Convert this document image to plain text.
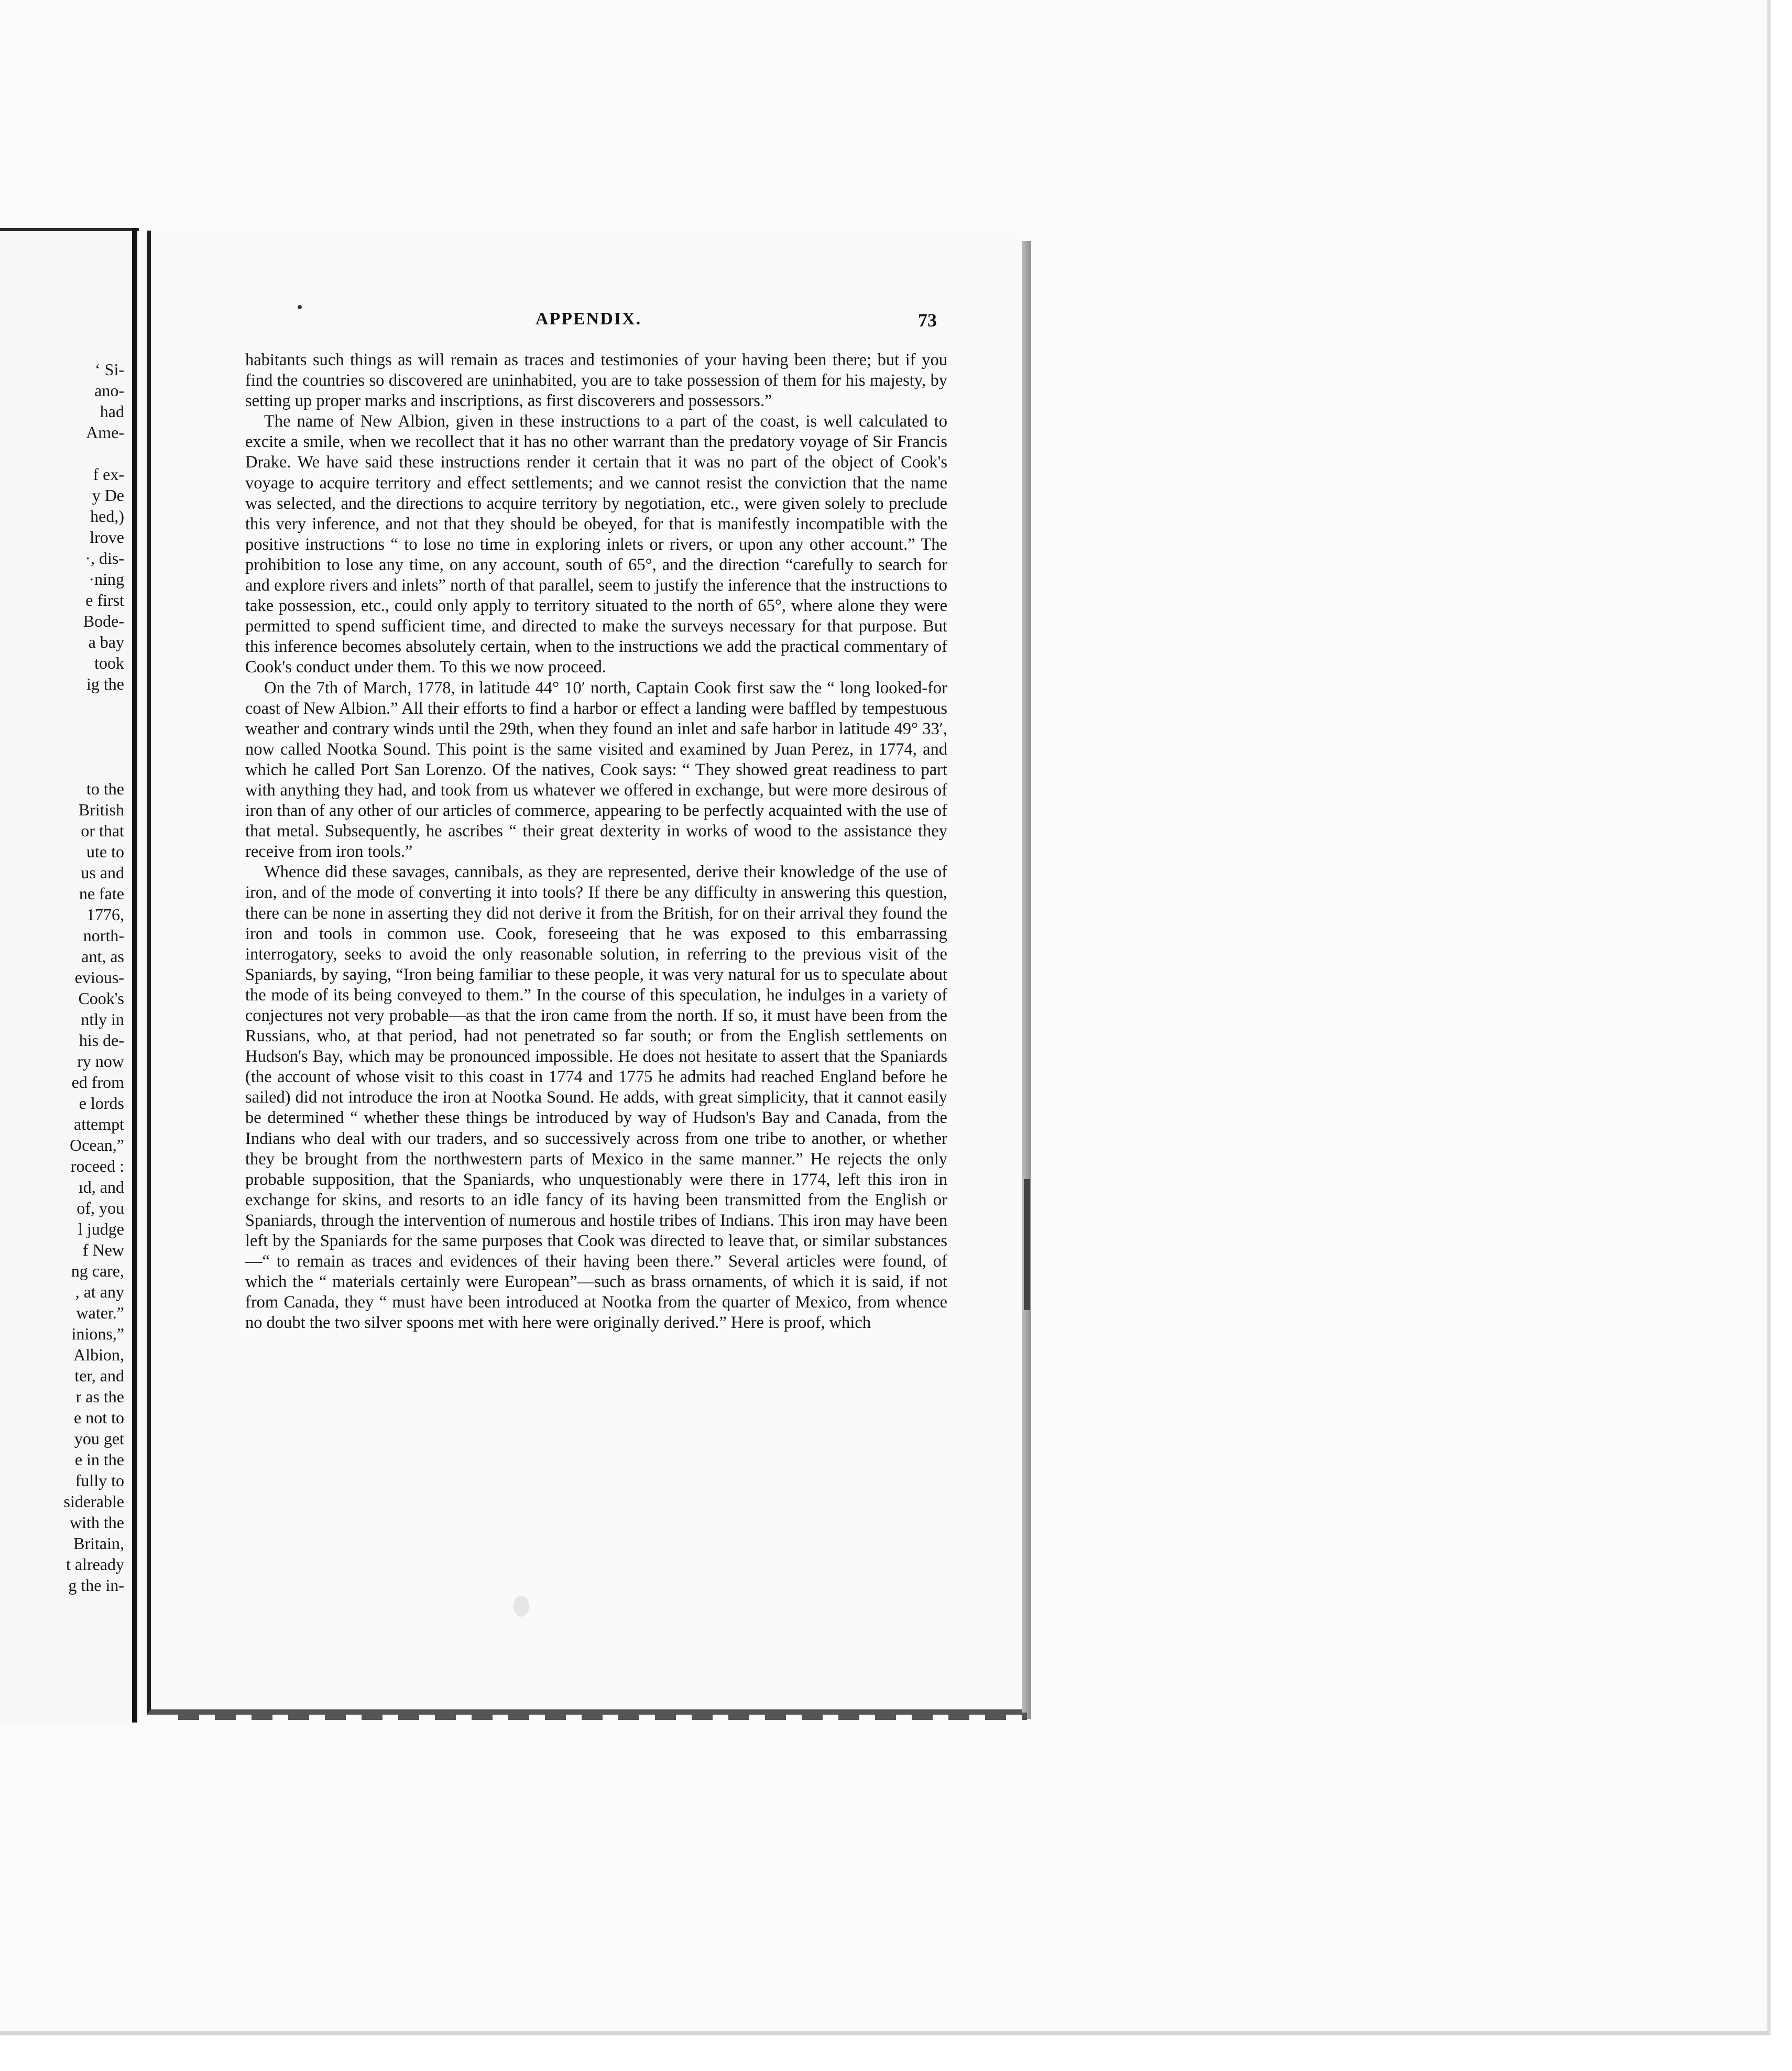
‘ Si-
ano-
had
Ame-
f ex-
y De
hed,)
lrove
·, dis-
·ning
e first
Bode-
a bay
took
ig the
to the
British
or that
ute to
us and
ne fate
1776,
north-
ant, as
evious-
Cook's
ntly in
his de-
ry now
ed from
e lords
attempt
Ocean,”
roceed :
ıd, and
of, you
l judge
f New
ng care,
, at any
water.”
inions,”
Albion,
ter, and
r as the
e not to
you get
e in the
fully to
siderable
with the
Britain,
t already
g the in-
APPENDIX.	73

habitants such things as will remain as traces and testimonies of your having been there; but if you find the countries so discovered are uninhabited, you are to take possession of them for his majesty, by setting up proper marks and inscriptions, as first discoverers and possessors.”

The name of New Albion, given in these instructions to a part of the coast, is well calculated to excite a smile, when we recollect that it has no other warrant than the predatory voyage of Sir Francis Drake. We have said these instructions render it certain that it was no part of the object of Cook's voyage to acquire territory and effect settlements; and we cannot resist the conviction that the name was selected, and the directions to acquire territory by negotiation, etc., were given solely to preclude this very inference, and not that they should be obeyed, for that is manifestly incompatible with the positive instructions “ to lose no time in exploring inlets or rivers, or upon any other account.” The prohibition to lose any time, on any account, south of 65°, and the direction “carefully to search for and explore rivers and inlets” north of that parallel, seem to justify the inference that the instructions to take possession, etc., could only apply to territory situated to the north of 65°, where alone they were permitted to spend sufficient time, and directed to make the surveys necessary for that purpose. But this inference becomes absolutely certain, when to the instructions we add the practical commentary of Cook's conduct under them. To this we now proceed.

On the 7th of March, 1778, in latitude 44° 10′ north, Captain Cook first saw the “ long looked-for coast of New Albion.” All their efforts to find a harbor or effect a landing were baffled by tempestuous weather and contrary winds until the 29th, when they found an inlet and safe harbor in latitude 49° 33′, now called Nootka Sound. This point is the same visited and examined by Juan Perez, in 1774, and which he called Port San Lorenzo. Of the natives, Cook says: “ They showed great readiness to part with anything they had, and took from us whatever we offered in exchange, but were more desirous of iron than of any other of our articles of commerce, appearing to be perfectly acquainted with the use of that metal. Subsequently, he ascribes “ their great dexterity in works of wood to the assistance they receive from iron tools.”

Whence did these savages, cannibals, as they are represented, derive their knowledge of the use of iron, and of the mode of converting it into tools? If there be any difficulty in answering this question, there can be none in asserting they did not derive it from the British, for on their arrival they found the iron and tools in common use. Cook, foreseeing that he was exposed to this embarrassing interrogatory, seeks to avoid the only reasonable solution, in referring to the previous visit of the Spaniards, by saying, “Iron being familiar to these people, it was very natural for us to speculate about the mode of its being conveyed to them.” In the course of this speculation, he indulges in a variety of conjectures not very probable—as that the iron came from the north. If so, it must have been from the Russians, who, at that period, had not penetrated so far south; or from the English settlements on Hudson's Bay, which may be pronounced impossible. He does not hesitate to assert that the Spaniards (the account of whose visit to this coast in 1774 and 1775 he admits had reached England before he sailed) did not introduce the iron at Nootka Sound. He adds, with great simplicity, that it cannot easily be determined “ whether these things be introduced by way of Hudson's Bay and Canada, from the Indians who deal with our traders, and so successively across from one tribe to another, or whether they be brought from the northwestern parts of Mexico in the same manner.” He rejects the only probable supposition, that the Spaniards, who unquestionably were there in 1774, left this iron in exchange for skins, and resorts to an idle fancy of its having been transmitted from the English or Spaniards, through the intervention of numerous and hostile tribes of Indians. This iron may have been left by the Spaniards for the same purposes that Cook was directed to leave that, or similar substances—“ to remain as traces and evidences of their having been there.” Several articles were found, of which the “ materials certainly were European”—such as brass ornaments, of which it is said, if not from Canada, they “ must have been introduced at Nootka from the quarter of Mexico, from whence no doubt the two silver spoons met with here were originally derived.” Here is proof, which
